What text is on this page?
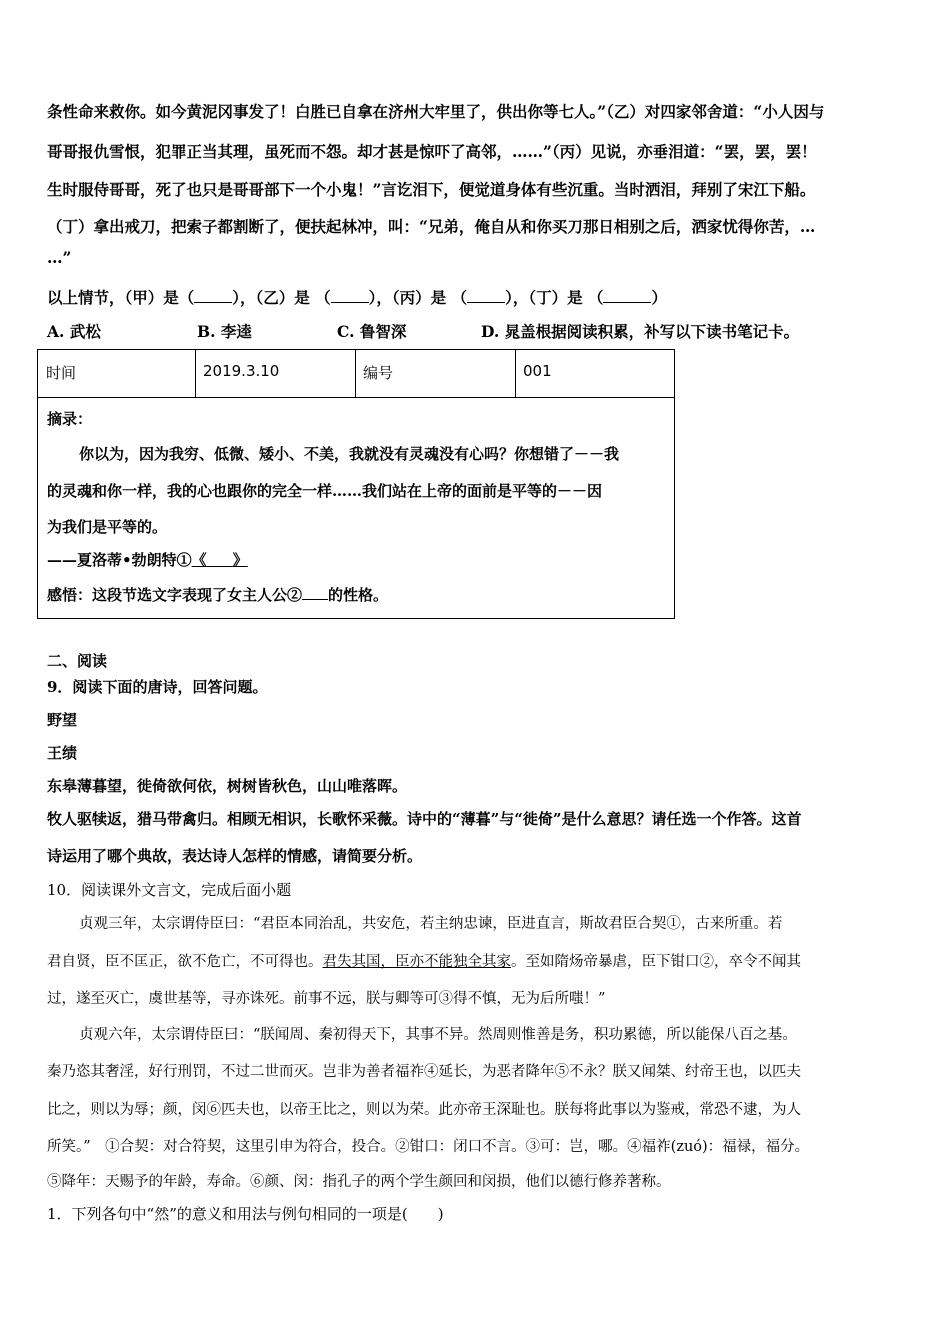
条性命来救你。如今黄泥冈事发了！白胜已自拿在济州大牢里了，供出你等七人。”（乙）对四家邻舍道：“小人因与
哥哥报仇雪恨，犯罪正当其理，虽死而不怨。却才甚是惊吓了高邻，……”（丙）见说，亦垂泪道：“罢，罢，罢！
生时服侍哥哥，死了也只是哥哥部下一个小鬼！”言讫泪下，便觉道身体有些沉重。当时洒泪，拜别了宋江下船。
（丁）拿出戒刀，把索子都割断了，便扶起林冲，叫：“兄弟，俺自从和你买刀那日相别之后，洒家忧得你苦，…
…”
以上情节，（甲）是（ ），（乙）是 （ ），（丙）是 （ ），（丁）是 （	）
A. 武松	B. 李逵	C. 鲁智深	D. 晁盖根据阅读积累，补写以下读书笔记卡。
时间	2019.3.10	编号	001
摘录：
你以为，因为我穷、低微、矮小、不美，我就没有灵魂没有心吗？你想错了－－我
的灵魂和你一样，我的心也跟你的完全一样……我们站在上帝的面前是平等的－－因
为我们是平等的。
——夏洛蒂•勃朗特①《 》
感悟：这段节选文字表现了女主人公② 的性格。
二、阅读
9．阅读下面的唐诗，回答问题。
野望
王绩
东皋薄暮望，徙倚欲何依，树树皆秋色，山山唯落晖。
牧人驱犊返，猎马带禽归。相顾无相识，长歌怀采薇。诗中的“薄暮”与“徙倚”是什么意思？请任选一个作答。这首
诗运用了哪个典故，表达诗人怎样的情感，请简要分析。
10．阅读课外文言文，完成后面小题
贞观三年，太宗谓侍臣曰：“君臣本同治乱，共安危，若主纳忠谏，臣进直言，斯故君臣合契①，古来所重。若
君自贤，臣不匡正，欲不危亡，不可得也。君失其国，臣亦不能独全其家。至如隋炀帝暴虐，臣下钳口②，卒令不闻其
过，遂至灭亡，虞世基等，寻亦诛死。前事不远，朕与卿等可③得不慎，无为后所嗤！”
贞观六年，太宗谓侍臣曰：“朕闻周、秦初得天下，其事不异。然周则惟善是务，积功累德，所以能保八百之基。
秦乃恣其奢淫，好行刑罚，不过二世而灭。岂非为善者福祚④延长，为恶者降年⑤不永？朕又闻桀、纣帝王也，以匹夫
比之，则以为辱；颜，闵⑥匹夫也，以帝王比之，则以为荣。此亦帝王深耻也。朕每将此事以为鉴戒，常恐不逮，为人
所笑。”　①合契：对合符契，这里引申为符合，投合。②钳口：闭口不言。③可：岂，哪。④福祚(zuó)：福禄，福分。
⑤降年：天赐予的年龄，寿命。⑥颜、闵：指孔子的两个学生颜回和闵损，他们以德行修养著称。
1．下列各句中“然”的意义和用法与例句相同的一项是(　　)
